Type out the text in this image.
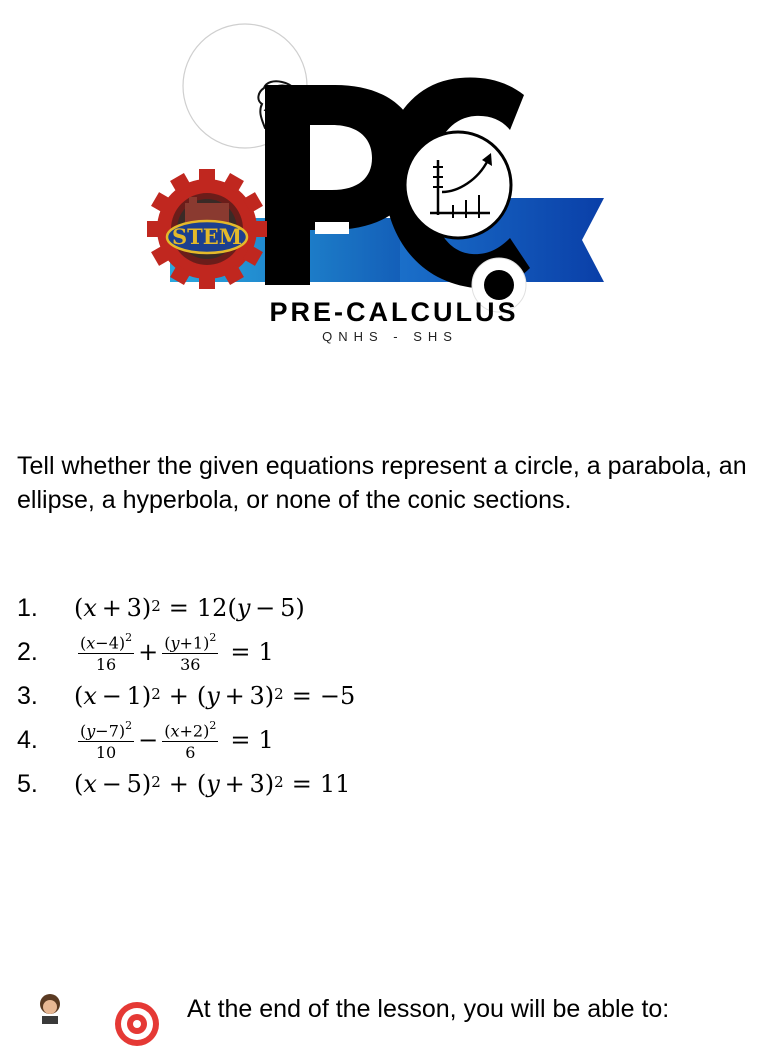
STEM
PRE-CALCULUS
QNHS - SHS

Tell whether the given equations represent a circle, a parabola, an ellipse, a hyperbola, or none of the conic sections.

1.	( x  + 3)$^2$ = 12( y  − 5)
2.	$\frac{(x-4)^2}{16} + \frac{(y+1)^2}{36} = 1$
3.	( x  − 1)$^2$ + ( y  + 3)$^2$ = −5
4.	$\frac{(y-7)^2}{10} - \frac{(x+2)^2}{6} = 1$
5.	( x  − 5)$^2$ + ( y  + 3)$^2$ = 11
At the end of the lesson, you will be able to:
